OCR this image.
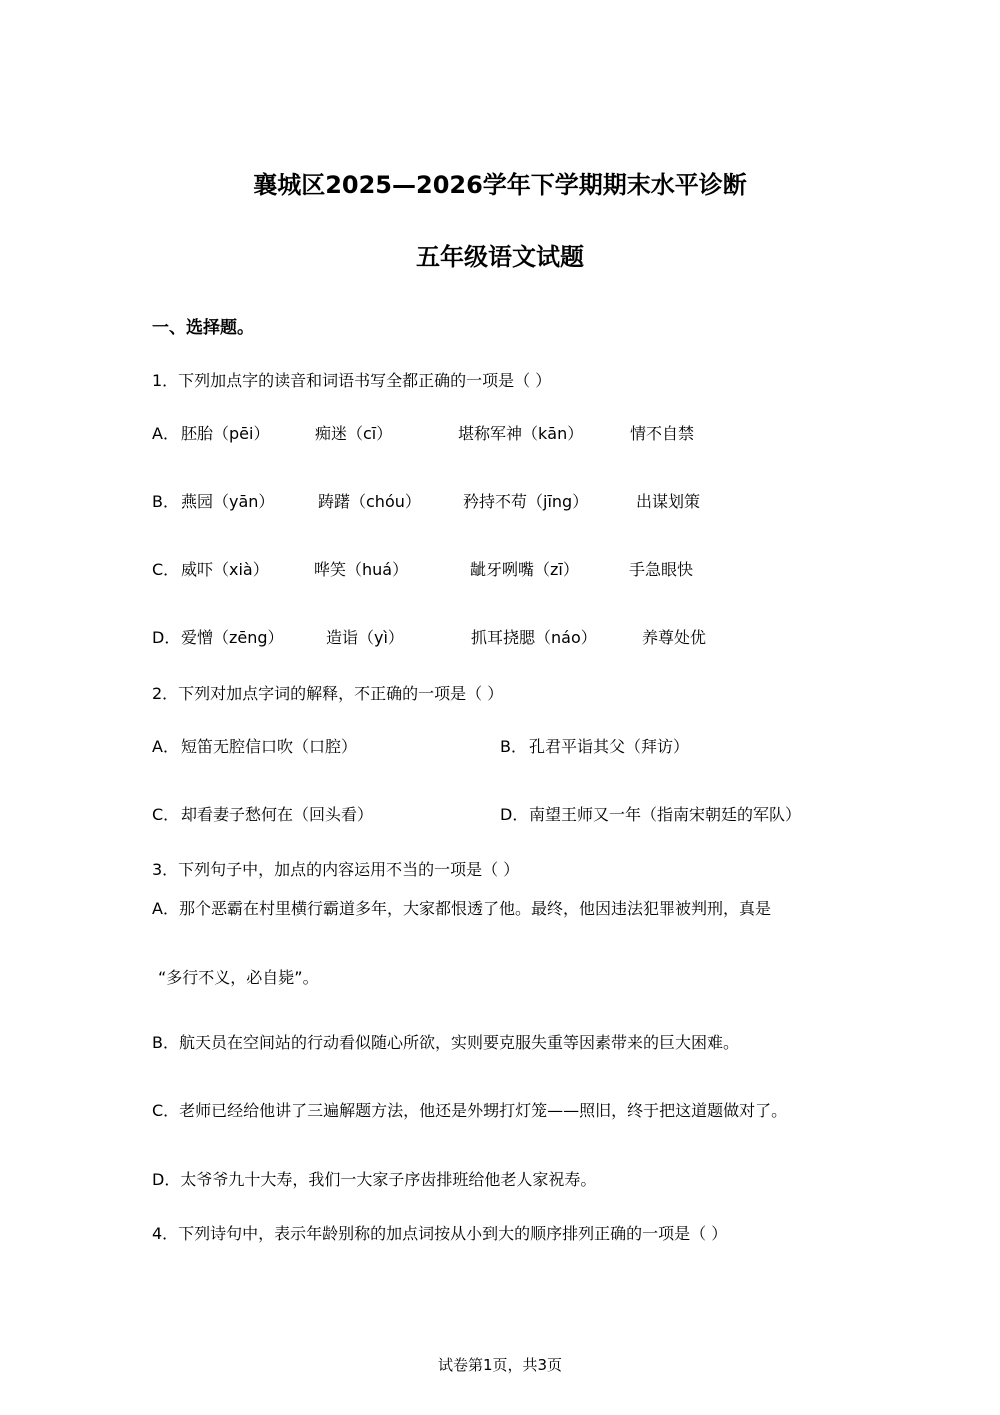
襄城区2025—2026学年下学期期末水平诊断
五年级语文试题
一、选择题。
1．下列加点字的读音和词语书写全都正确的一项是（ ）
A． 胚胎（pēi）	痴迷（cī）	堪称军神（kān）	情不自禁
B． 燕园（yān）	踌躇（chóu）	矜持不苟（jīng）	出谋划策
C． 威吓（xià）	哗笑（huá）	龇牙咧嘴（zī）	手急眼快
D． 爱憎（zēng）	造诣（yì）	抓耳挠腮（náo）	养尊处优
2．下列对加点字词的解释，不正确的一项是（ ）
A． 短笛无腔信口吹（口腔）	B． 孔君平诣其父（拜访）
C． 却看妻子愁何在（回头看）	D． 南望王师又一年（指南宋朝廷的军队）
3．下列句子中，加点的内容运用不当的一项是（ ）
A．那个恶霸在村里横行霸道多年，大家都恨透了他。最终，他因违法犯罪被判刑，真是
“多行不义，必自毙”。
B．航天员在空间站的行动看似随心所欲，实则要克服失重等因素带来的巨大困难。
C．老师已经给他讲了三遍解题方法，他还是外甥打灯笼——照旧，终于把这道题做对了。
D．太爷爷九十大寿，我们一大家子序齿排班给他老人家祝寿。
4．下列诗句中，表示年龄别称的加点词按从小到大的顺序排列正确的一项是（ ）
试卷第1页，共3页
